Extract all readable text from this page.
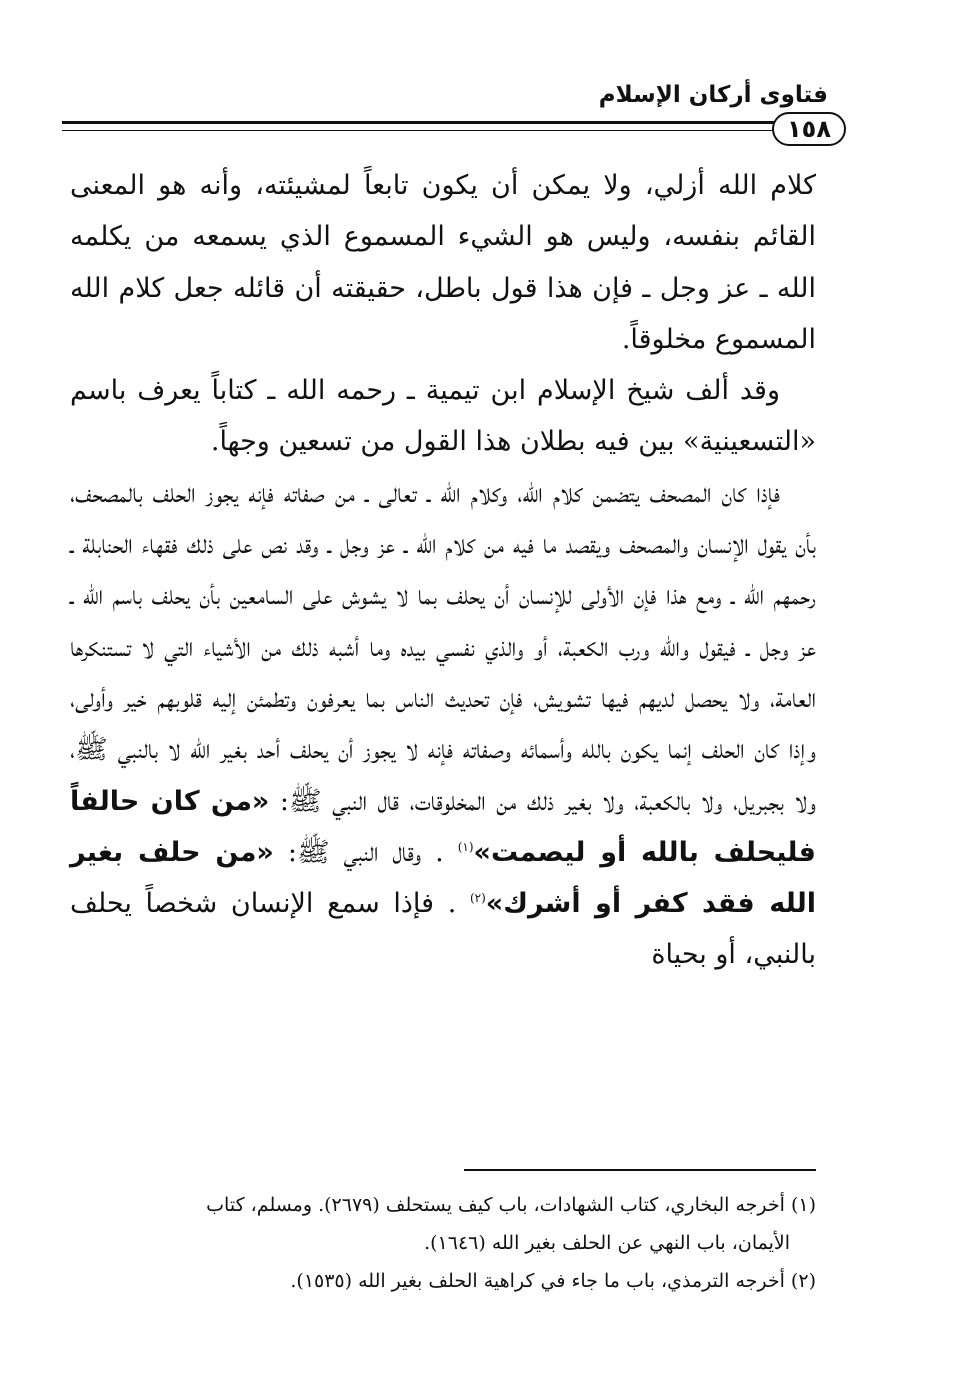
فتاوى أركان الإسلام
١٥٨

كلام الله أزلي، ولا يمكن أن يكون تابعاً لمشيئته، وأنه هو المعنى القائم بنفسه، وليس هو الشيء المسموع الذي يسمعه من يكلمه الله ـ عز وجل ـ فإن هذا قول باطل، حقيقته أن قائله جعل كلام الله المسموع مخلوقاً.

وقد ألف شيخ الإسلام ابن تيمية ـ رحمه الله ـ كتاباً يعرف باسم «التسعينية» بين فيه بطلان هذا القول من تسعين وجهاً.

فإذا كان المصحف يتضمن كلام الله، وكلام الله ـ تعالى ـ من صفاته فإنه يجوز الحلف بالمصحف، بأن يقول الإنسان والمصحف ويقصد ما فيه من كلام الله ـ عز وجل ـ وقد نص على ذلك فقهاء الحنابلة ـ رحمهم الله ـ ومع هذا فإن الأولى للإنسان أن يحلف بما لا يشوش على السامعين بأن يحلف باسم الله ـ عز وجل ـ فيقول والله ورب الكعبة، أو والذي نفسي بيده وما أشبه ذلك من الأشياء التي لا تستنكرها العامة، ولا يحصل لديهم فيها تشويش، فإن تحديث الناس بما يعرفون وتطمئن إليه قلوبهم خير وأولى، وإذا كان الحلف إنما يكون بالله وأسمائه وصفاته فإنه لا يجوز أن يحلف أحد بغير الله لا بالنبي ﷺ، ولا بجبريل، ولا بالكعبة، ولا بغير ذلك من المخلوقات، قال النبي ﷺ: «من كان حالفاً فليحلف بالله أو ليصمت»$^{(١)}$ . وقال النبي ﷺ: «من حلف بغير الله فقد كفر أو أشرك»$^{(٢)}$ . فإذا سمع الإنسان شخصاً يحلف بالنبي، أو بحياة

(١) أخرجه البخاري، كتاب الشهادات، باب كيف يستحلف (٢٦٧٩). ومسلم، كتاب

الأيمان، باب النهي عن الحلف بغير الله (١٦٤٦).

(٢) أخرجه الترمذي، باب ما جاء في كراهية الحلف بغير الله (١٥٣٥).
